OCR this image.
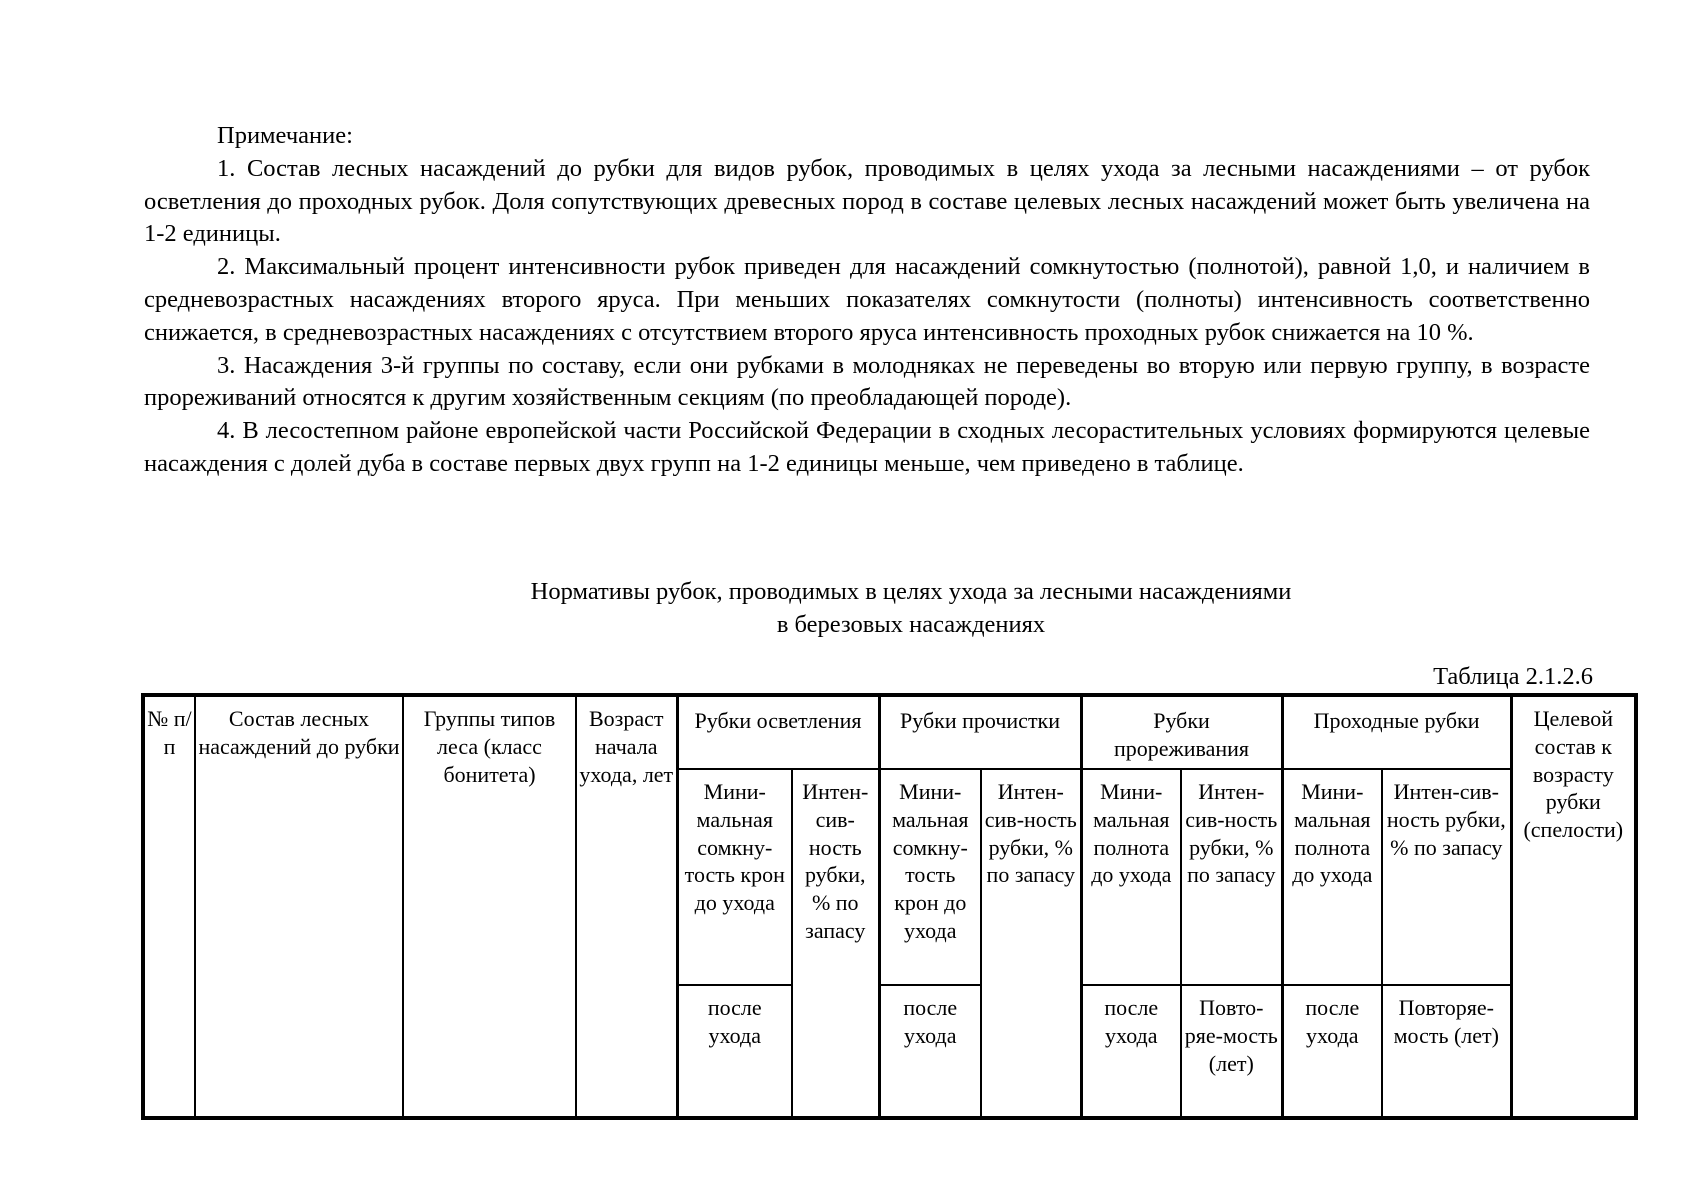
Примечание:

1. Состав лесных насаждений до рубки для видов рубок, проводимых в целях ухода за лесными насаждениями – от рубок осветления до проходных рубок. Доля сопутствующих древесных пород в составе целевых лесных насаждений может быть увеличена на 1-2 единицы.

2. Максимальный процент интенсивности рубок приведен для насаждений сомкнутостью (полнотой), равной 1,0, и наличием в средневозрастных насаждениях второго яруса. При меньших показателях сомкнутости (полноты) интенсивность соответственно снижается, в средневозрастных насаждениях с отсутствием второго яруса интенсивность проходных рубок снижается на 10 %.

3. Насаждения 3-й группы по составу, если они рубками в молодняках не переведены во вторую или первую группу, в возрасте прореживаний относятся к другим хозяйственным секциям (по преобладающей породе).

4. В лесостепном районе европейской части Российской Федерации в сходных лесорастительных условиях формируются целевые насаждения с долей дуба в составе первых двух групп на 1-2 единицы меньше, чем приведено в таблице.

Нормативы рубок, проводимых в целях ухода за лесными насаждениями
в березовых насаждениях
Таблица 2.1.2.6
№ п/п	Состав лесных насаждений до рубки	Группы типов леса (класс бонитета)	Возраст начала ухода, лет	Рубки осветления		Рубки прочистки		Рубки прореживания		Проходные рубки		Целевой состав к возрасту рубки (спелости)
				Мини-мальная сомкну-тость крон до ухода	Интен-сив-ность рубки, % по запасу	Мини-мальная сомкну-тость крон до ухода	Интен-сив-ность рубки, % по запасу	Мини-мальная полнота до ухода	Интен-сив-ность рубки, % по запасу	Мини-мальная полнота до ухода	Интен-сив-ность рубки, % по запасу	
				после ухода		после ухода		после ухода	Повто-ряе-мость (лет)	после ухода	Повторяе-мость (лет)	
